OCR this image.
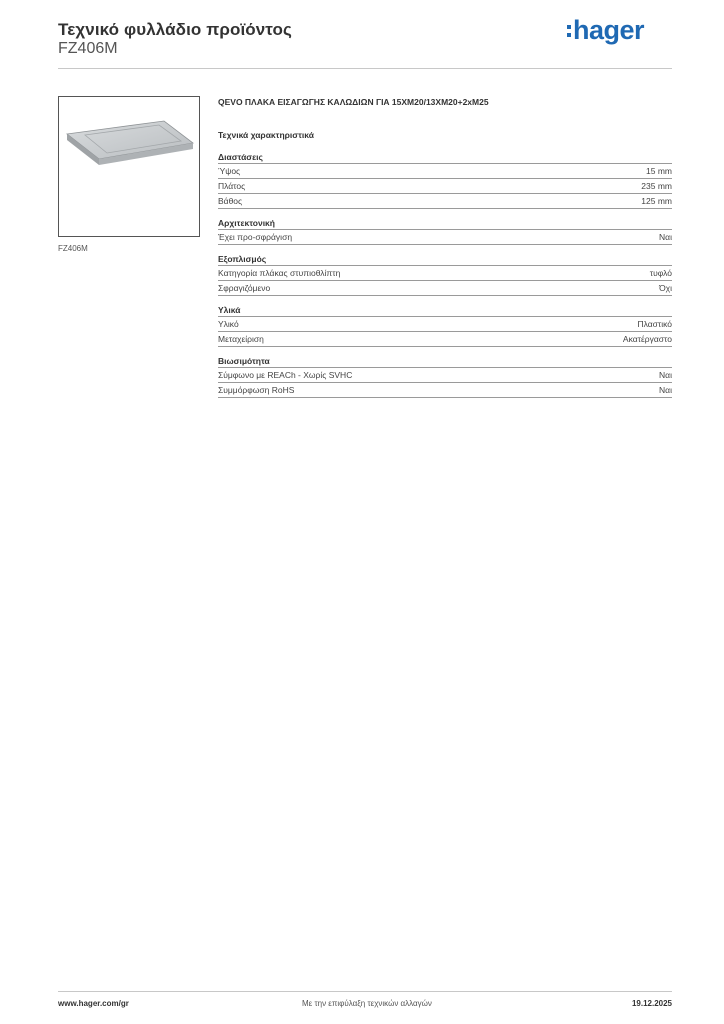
Τεχνικό φυλλάδιο προϊόντος
FZ406M
hager
FZ406M
QEVO ΠΛΑΚΑ ΕΙΣΑΓΩΓΗΣ ΚΑΛΩΔΙΩΝ ΓΙΑ 15XM20/13XM20+2xM25
Τεχνικά χαρακτηριστικά
Διαστάσεις
Ύψος	15 mm
Πλάτος	235 mm
Βάθος	125 mm
Αρχιτεκτονική
Έχει προ-σφράγιση	Ναι
Εξοπλισμός
Κατηγορία πλάκας στυπιοθλίπτη	τυφλό
Σφραγιζόμενο	Όχι
Υλικά
Υλικό	Πλαστικό
Μεταχείριση	Ακατέργαστο
Βιωσιμότητα
Σύμφωνο με REACh - Χωρίς SVHC	Ναι
Συμμόρφωση RoHS	Ναι
www.hager.com/gr	Με την επιφύλαξη τεχνικών αλλαγών	19.12.2025
